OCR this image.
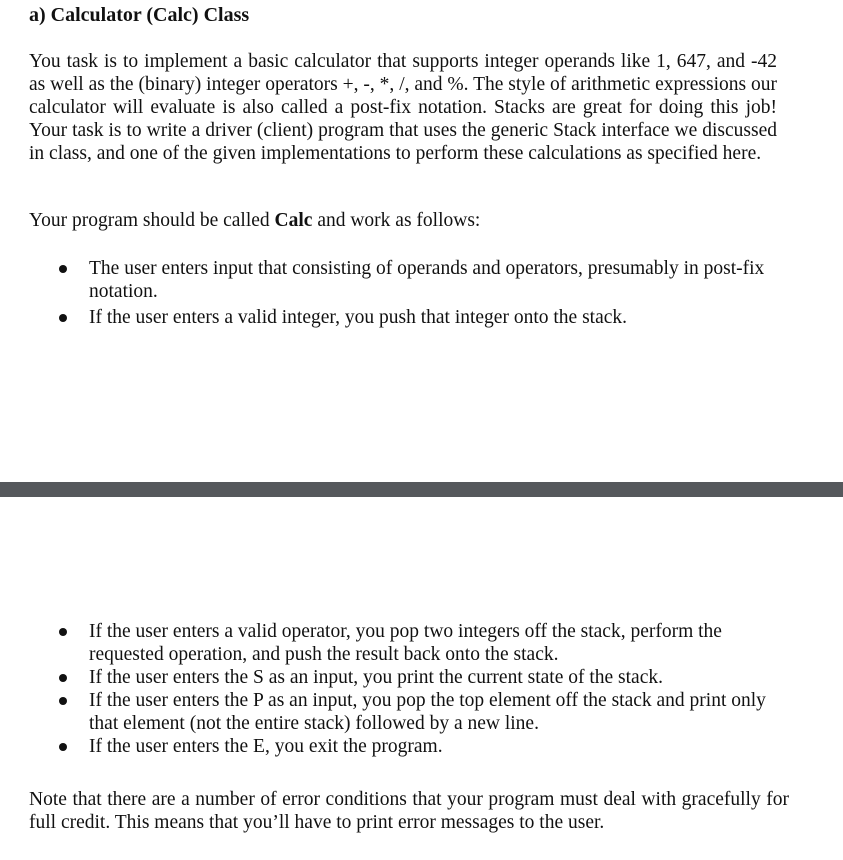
a) Calculator (Calc) Class
You task is to implement a basic calculator that supports integer operands like 1, 647, and -42 as well as the (binary) integer operators +, -, *, /, and %. The style of arithmetic expressions our calculator will evaluate is also called a post-fix notation. Stacks are great for doing this job! Your task is to write a driver (client) program that uses the generic Stack interface we discussed in class, and one of the given implementations to perform these calculations as specified here.
Your program should be called Calc and work as follows:
The user enters input that consisting of operands and operators, presumably in post-fix notation.
If the user enters a valid integer, you push that integer onto the stack.
If the user enters a valid operator, you pop two integers off the stack, perform the requested operation, and push the result back onto the stack.
If the user enters the S as an input, you print the current state of the stack.
If the user enters the P as an input, you pop the top element off the stack and print only that element (not the entire stack) followed by a new line.
If the user enters the E, you exit the program.
Note that there are a number of error conditions that your program must deal with gracefully for full credit. This means that you’ll have to print error messages to the user.
